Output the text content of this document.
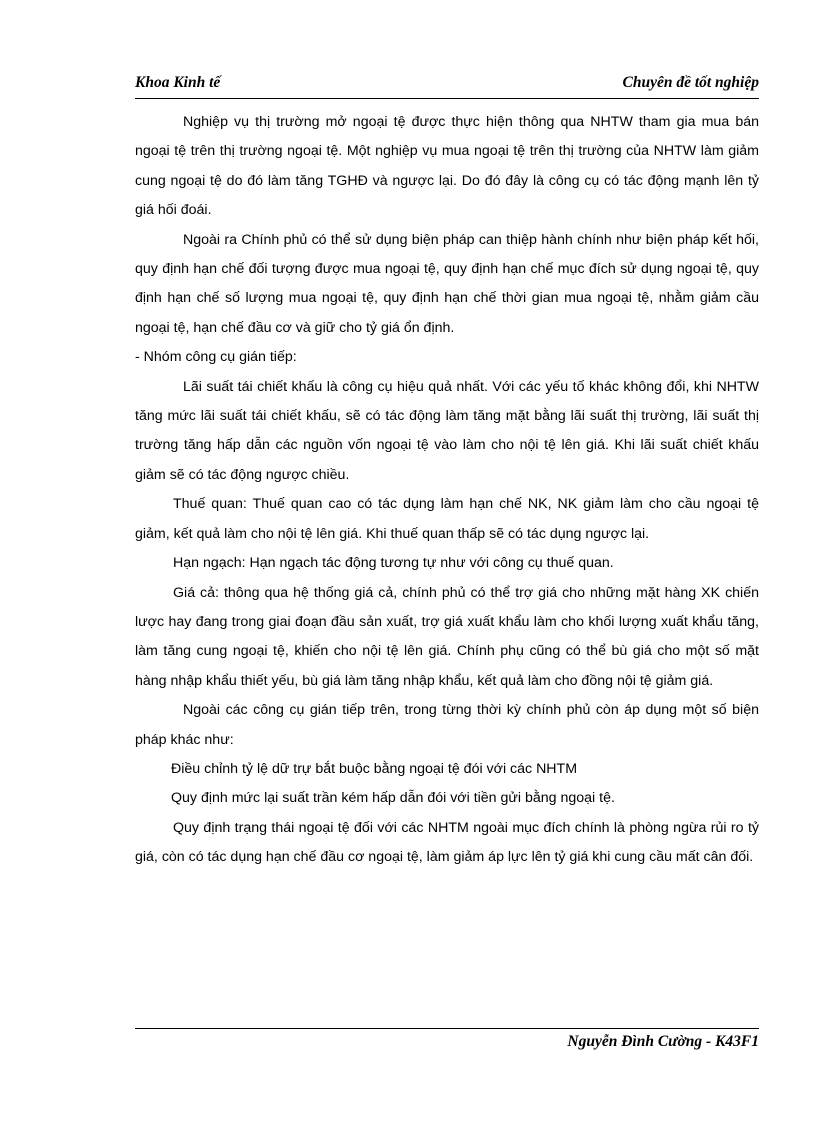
Khoa Kinh tế	Chuyên đề tốt nghiệp

Nghiệp vụ thị trường mở ngoại tệ được thực hiện thông qua NHTW tham gia mua bán ngoại tệ trên thị trường ngoại tệ. Một nghiệp vụ mua ngoại tệ trên thị trường của NHTW làm giảm cung ngoại tệ do đó làm tăng TGHĐ và ngược lại. Do đó đây là công cụ có tác động mạnh lên tỷ giá hối đoái.

Ngoài ra Chính phủ có thể sử dụng biện pháp can thiệp hành chính như biện pháp kết hối, quy định hạn chế đối tượng được mua ngoại tệ, quy định hạn chế mục đích sử dụng ngoại tệ, quy định hạn chế số lượng mua ngoại tệ, quy định hạn chế thời gian mua ngoại tệ, nhằm giảm cầu ngoại tệ, hạn chế đầu cơ và giữ cho tỷ giá ổn định.

- Nhóm công cụ gián tiếp:

Lãi suất tái chiết khấu là công cụ hiệu quả nhất. Với các yếu tố khác không đổi, khi NHTW tăng mức lãi suất tái chiết khấu, sẽ có tác động làm tăng mặt bằng lãi suất thị trường, lãi suất thị trường tăng hấp dẫn các nguồn vốn ngoại tệ vào làm cho nội tệ lên giá. Khi lãi suất chiết khấu giảm sẽ có tác động ngược chiều.

Thuế quan: Thuế quan cao có tác dụng làm hạn chế NK, NK giảm làm cho cầu ngoại tệ giảm, kết quả làm cho nội tệ lên giá. Khi thuế quan thấp sẽ có tác dụng ngược lại.

Hạn ngạch: Hạn ngạch tác động tương tự như với công cụ thuế quan.

Giá cả: thông qua hệ thống giá cả, chính phủ có thể trợ giá cho những mặt hàng XK chiến lược hay đang trong giai đoạn đầu sản xuất, trợ giá xuất khẩu làm cho khối lượng xuất khẩu tăng, làm tăng cung ngoại tệ, khiến cho nội tệ lên giá. Chính phụ cũng có thể bù giá cho một số mặt hàng nhập khẩu thiết yếu, bù giá làm tăng nhập khẩu, kết quả làm cho đồng nội tệ giảm giá.

Ngoài các công cụ gián tiếp trên, trong từng thời kỳ chính phủ còn áp dụng một số biện pháp khác như:

Điều chỉnh tỷ lệ dữ trự bắt buộc bằng ngoại tệ đói với các NHTM

Quy định mức lại suất trần kém hấp dẫn đói với tiền gửi bằng ngoại tệ.

Quy định trạng thái ngoại tệ đối với các NHTM ngoài mục đích chính là phòng ngừa rủi ro tỷ giá, còn có tác dụng hạn chế đầu cơ ngoại tệ, làm giảm áp lực lên tỷ giá khi cung cầu mất cân đối.

Nguyễn Đình Cường - K43F1
